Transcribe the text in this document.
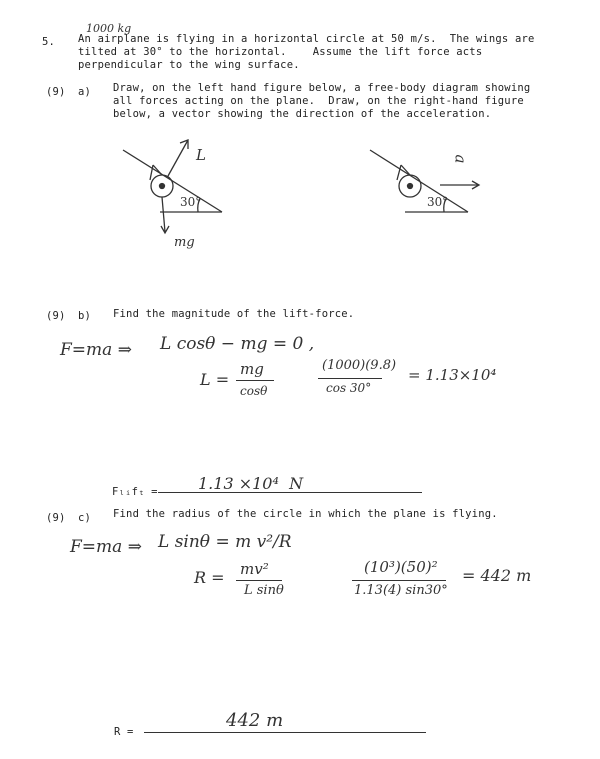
5.
1000 kg
An airplane is flying in a horizontal circle at 50 m/s.  The wings are
tilted at 30° to the horizontal.    Assume the lift force acts
perpendicular to the wing surface.
(9) a) Draw, on the left hand figure below, a free-body diagram showing
all forces acting on the plane.  Draw, on the right-hand figure
below, a vector showing the direction of the acceleration.
30°
L
mg
30°
a
(9) b) Find the magnitude of the lift-force.
F=ma ⇒ L cosθ − mg = 0 ,
L =
mg
cosθ
(1000)(9.8)
cos 30°
= 1.13×10⁴
Fₗᵢfₜ =	1.13 ×10⁴  N
(9) c) Find the radius of the circle in which the plane is flying.
F=ma ⇒ L sinθ = m v²/R
R = mv²
L sinθ
(10³)(50)²
1.13(4) sin30°
= 442 m
R =
442 m
